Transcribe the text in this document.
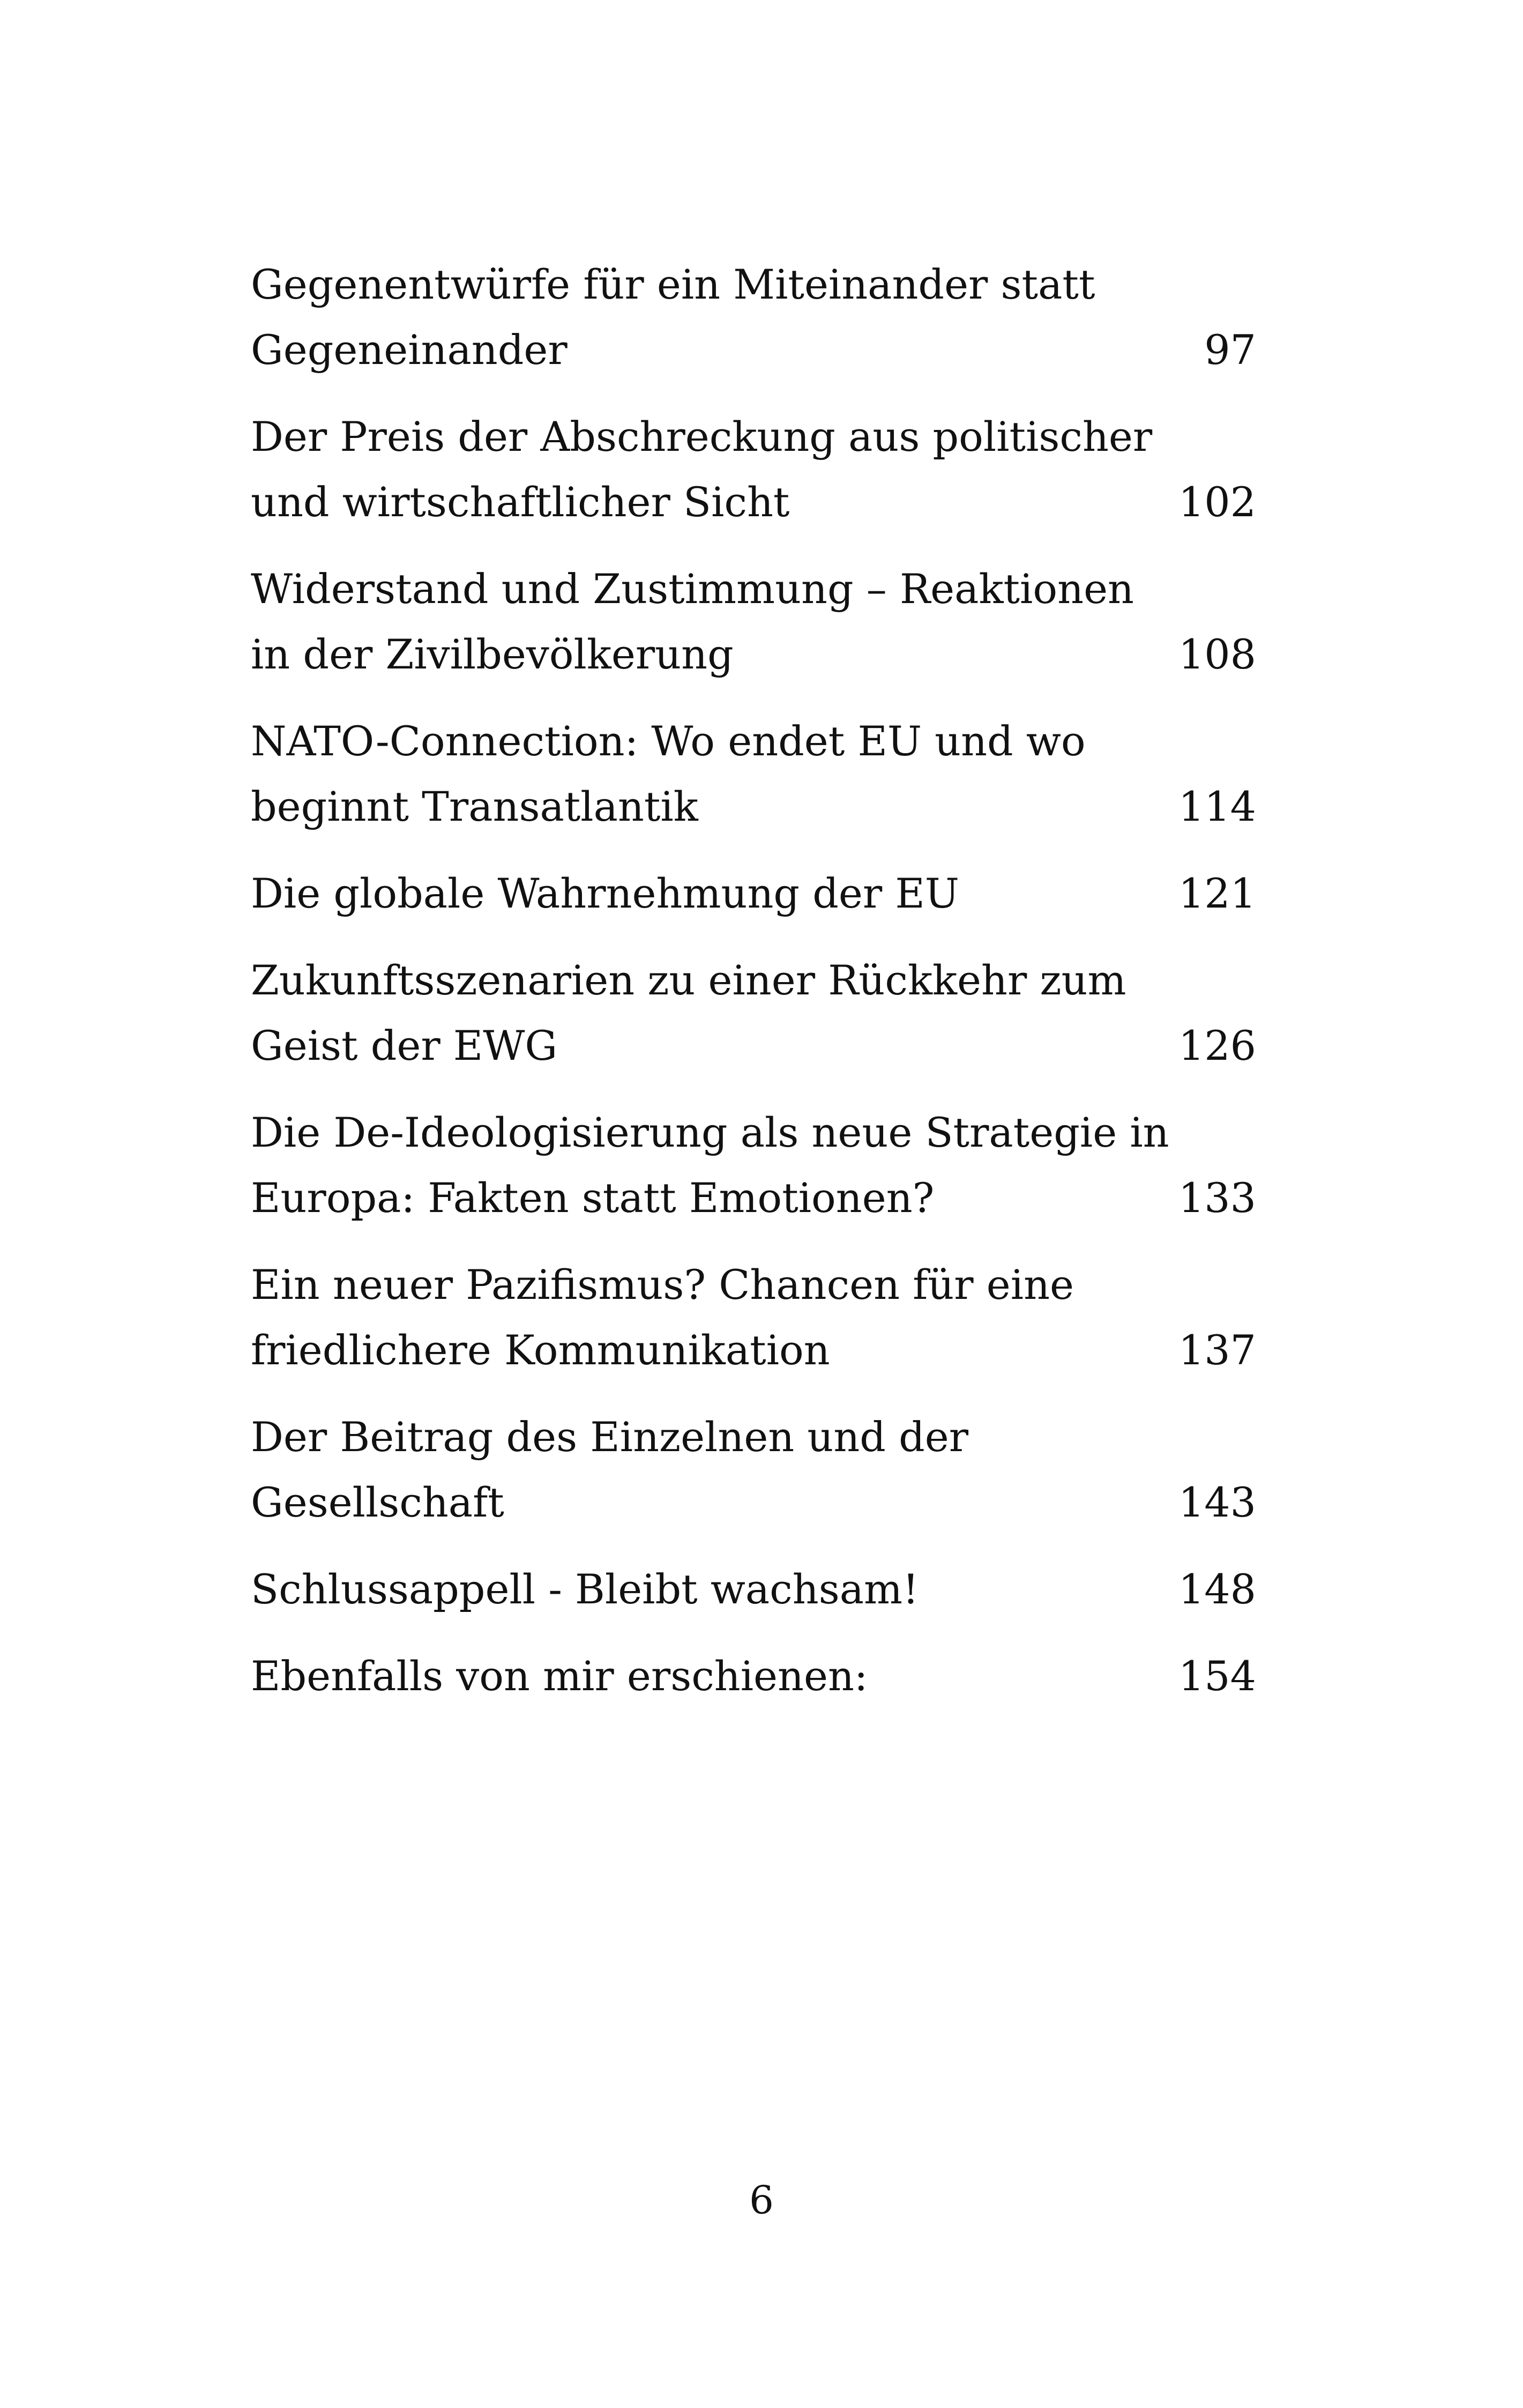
Gegenentwürfe für ein Miteinander statt Gegeneinander	97
Der Preis der Abschreckung aus politischer und wirtschaftlicher Sicht	102
Widerstand und Zustimmung – Reaktionen in der Zivilbevölkerung	108
NATO-Connection: Wo endet EU und wo beginnt Transatlantik	114
Die globale Wahrnehmung der EU	121
Zukunftsszenarien zu einer Rückkehr zum Geist der EWG	126
Die De-Ideologisierung als neue Strategie in Europa: Fakten statt Emotionen?	133
Ein neuer Pazifismus? Chancen für eine friedlichere Kommunikation	137
Der Beitrag des Einzelnen und der Gesellschaft	143
Schlussappell - Bleibt wachsam!	148
Ebenfalls von mir erschienen:	154
6
